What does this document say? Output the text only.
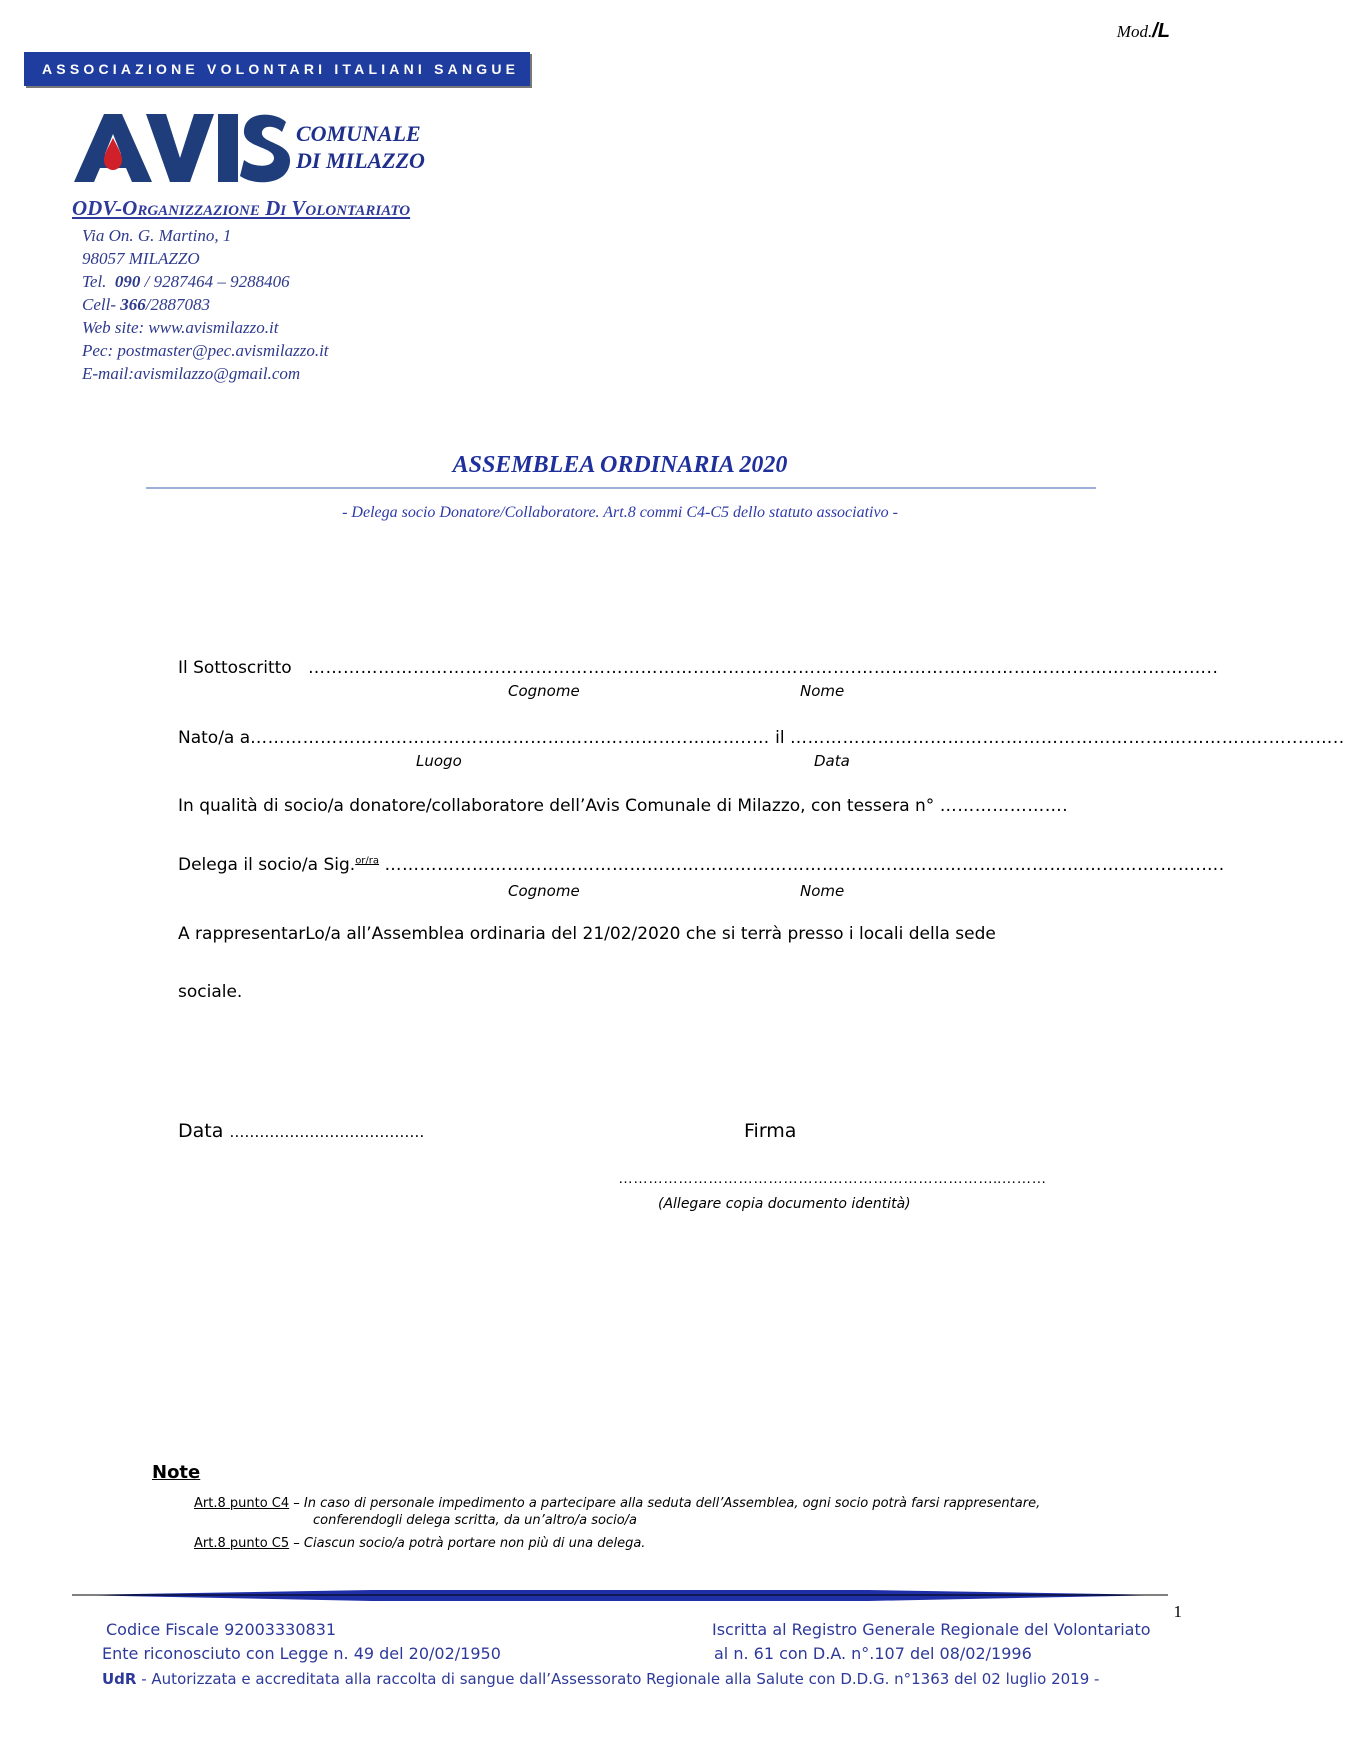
Mod./L
ASSOCIAZIONE VOLONTARI ITALIANI SANGUE
COMUNALE
DI MILAZZO
ODV-Organizzazione Di Volontariato
Via On. G. Martino, 1
98057 MILAZZO
Tel. 090 / 9287464 – 9288406
Cell- 366/2887083
Web site: www.avismilazzo.it
Pec: postmaster@pec.avismilazzo.it
E-mail:avismilazzo@gmail.com
ASSEMBLEA ORDINARIA 2020
- Delega socio Donatore/Collaboratore. Art.8 commi C4-C5 dello statuto associativo -
Il Sottoscritto ………………………………………………………………………………….……………………………….……….……….…..
Cognome	Nome
Nato/a a……………………………………………………….………..………..… il ……………………………….…………………….…………….….…..……..
Luogo	Data
In qualità di socio/a donatore/collaboratore dell’Avis Comunale di Milazzo, con tessera n° ………………….
Delega il socio/a Sig.$^{or/ra}$ …………………………………………………………………………………………………………………….…….….
Cognome	Nome
A rappresentarLo/a all’Assemblea ordinaria del 21/02/2020 che si terrà presso i locali della sede
sociale.
Data …………………………………	Firma
…………………………………………………………………..………
(Allegare copia documento identità)
Note
Art.8 punto C4 – In caso di personale impedimento a partecipare alla seduta dell’Assemblea, ogni socio potrà farsi rappresentare,
conferendogli delega scritta, da un’altro/a socio/a
Art.8 punto C5 – Ciascun socio/a potrà portare non più di una delega.
1
Codice Fiscale 92003330831
Ente riconosciuto con Legge n. 49 del 20/02/1950
Iscritta al Registro Generale Regionale del Volontariato
al n. 61 con D.A. n°.107 del 08/02/1996
UdR - Autorizzata e accreditata alla raccolta di sangue dall’Assessorato Regionale alla Salute con D.D.G. n°1363 del 02 luglio 2019 -
